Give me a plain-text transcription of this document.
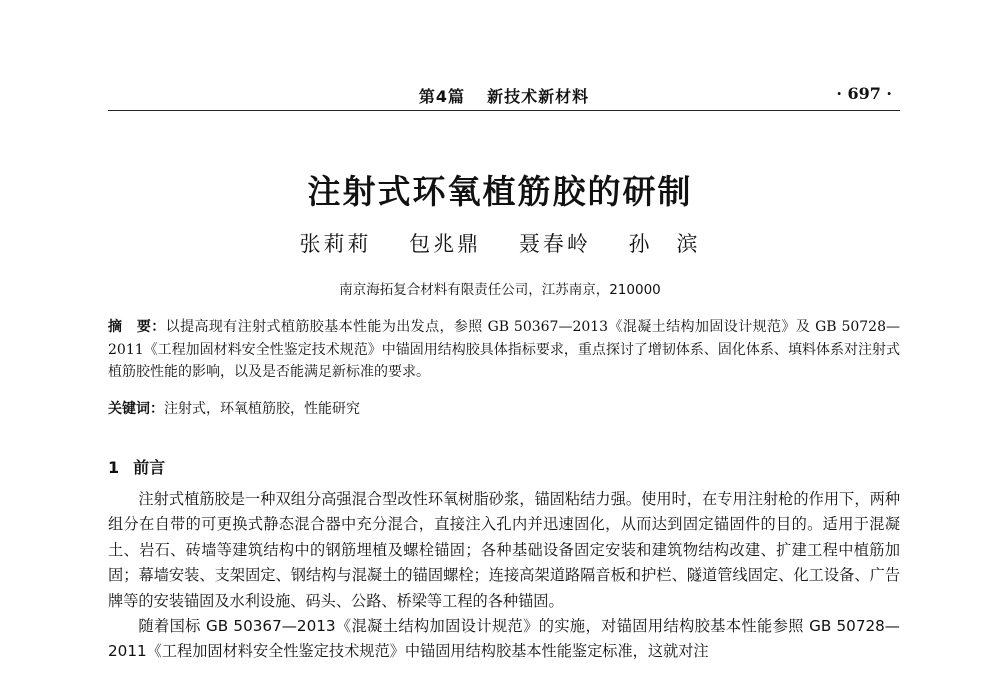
第4篇 新技术新材料	· 697 ·
注射式环氧植筋胶的研制
张莉莉 包兆鼎 聂春岭 孙　滨
南京海拓复合材料有限责任公司，江苏南京，210000
摘　要：以提高现有注射式植筋胶基本性能为出发点，参照 GB 50367—2013《混凝土结构加固设计规范》及 GB 50728—2011《工程加固材料安全性鉴定技术规范》中锚固用结构胶具体指标要求，重点探讨了增韧体系、固化体系、填料体系对注射式植筋胶性能的影响，以及是否能满足新标准的要求。
关键词：注射式，环氧植筋胶，性能研究
1 前言

注射式植筋胶是一种双组分高强混合型改性环氧树脂砂浆，锚固粘结力强。使用时，在专用注射枪的作用下，两种组分在自带的可更换式静态混合器中充分混合，直接注入孔内并迅速固化，从而达到固定锚固件的目的。适用于混凝土、岩石、砖墙等建筑结构中的钢筋埋植及螺栓锚固；各种基础设备固定安装和建筑物结构改建、扩建工程中植筋加固；幕墙安装、支架固定、钢结构与混凝土的锚固螺栓；连接高架道路隔音板和护栏、隧道管线固定、化工设备、广告牌等的安装锚固及水利设施、码头、公路、桥梁等工程的各种锚固。

随着国标 GB 50367—2013《混凝土结构加固设计规范》的实施，对锚固用结构胶基本性能参照 GB 50728—2011《工程加固材料安全性鉴定技术规范》中锚固用结构胶基本性能鉴定标准，这就对注
